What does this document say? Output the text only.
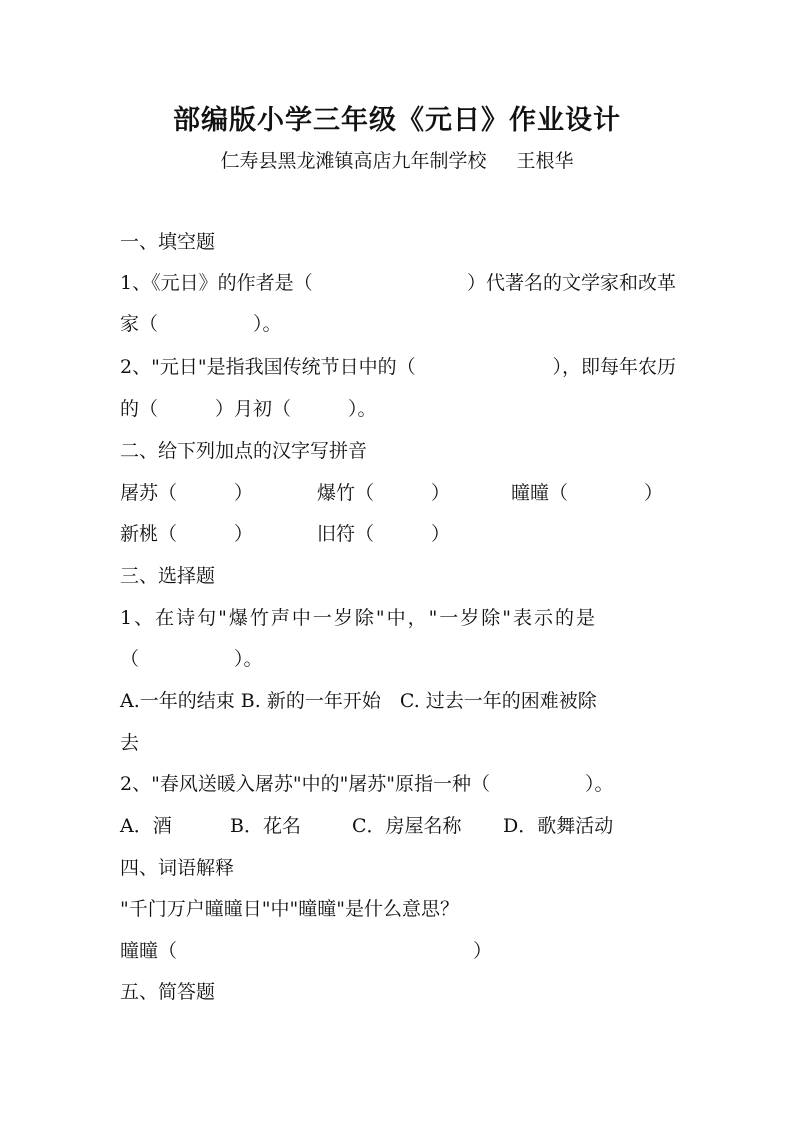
部编版小学三年级《元日》作业设计
仁寿县黑龙滩镇高店九年制学校 王根华
一、填空题
1、《元日》的作者是（	）代著名的文学家和改革
家（　　　　　）。
2、"元日"是指我国传统节日中的（	），即每年农历
的（　　　）月初（　　　）。
二、给下列加点的汉字写拼音
屠苏（　　　）	爆竹（　　　）	曈曈（　　　　）
新桃（　　　）	旧符（　　　）
三、选择题
1、在诗句"爆竹声中一岁除"中，"一岁除"表示的是
（　　　　　）。
A.一年的结束 B. 新的一年开始　C. 过去一年的困难被除
去
2、"春风送暖入屠苏"中的"屠苏"原指一种（　　　　　）。
A．酒	B．花名	C．房屋名称 D．歌舞活动
四、词语解释
"千门万户曈曈日"中"曈曈"是什么意思？
曈曈（	）
五、简答题
